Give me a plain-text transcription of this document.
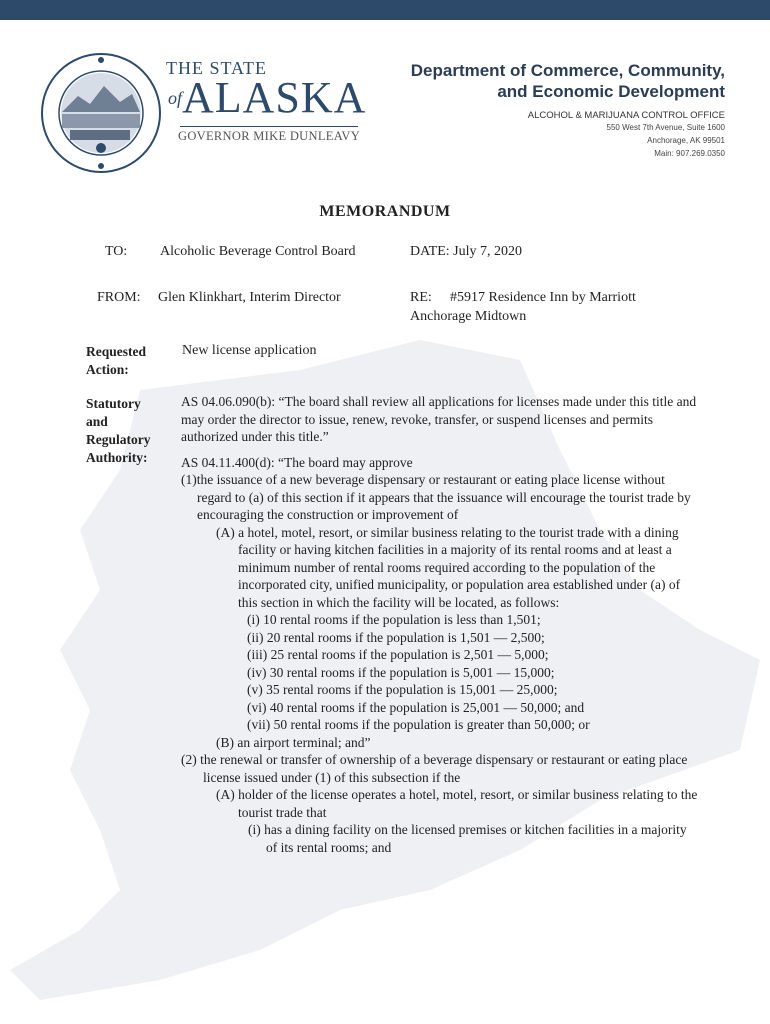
THE STATE
ALASKA
of
GOVERNOR MIKE DUNLEAVY
Department of Commerce, Community,
and Economic Development
ALCOHOL & MARIJUANA CONTROL OFFICE
550 West 7th Avenue, Suite 1600
Anchorage, AK 99501
Main: 907.269.0350
MEMORANDUM
TO: Alcoholic Beverage Control Board	DATE: July 7, 2020
FROM: Glen Klinkhart, Interim Director	RE: #5917 Residence Inn by Marriott
Anchorage Midtown
Requested
Action:
New license application
Statutory
and
Regulatory
Authority:

AS 04.06.090(b): “The board shall review all applications for licenses made under this title and may order the director to issue, renew, revoke, transfer, or suspend licenses and permits authorized under this title.”

AS 04.11.400(d): “The board may approve

(1)the issuance of a new beverage dispensary or restaurant or eating place license without regard to (a) of this section if it appears that the issuance will encourage the tourist trade by encouraging the construction or improvement of

(A) a hotel, motel, resort, or similar business relating to the tourist trade with a dining facility or having kitchen facilities in a majority of its rental rooms and at least a minimum number of rental rooms required according to the population of the incorporated city, unified municipality, or population area established under (a) of this section in which the facility will be located, as follows:

(i) 10 rental rooms if the population is less than 1,501;

(ii) 20 rental rooms if the population is 1,501 — 2,500;

(iii) 25 rental rooms if the population is 2,501 — 5,000;

(iv) 30 rental rooms if the population is 5,001 — 15,000;

(v) 35 rental rooms if the population is 15,001 — 25,000;

(vi) 40 rental rooms if the population is 25,001 — 50,000; and

(vii) 50 rental rooms if the population is greater than 50,000; or

(B) an airport terminal; and”

(2) the renewal or transfer of ownership of a beverage dispensary or restaurant or eating place license issued under (1) of this subsection if the

(A) holder of the license operates a hotel, motel, resort, or similar business relating to the tourist trade that

(i) has a dining facility on the licensed premises or kitchen facilities in a majority of its rental rooms; and
